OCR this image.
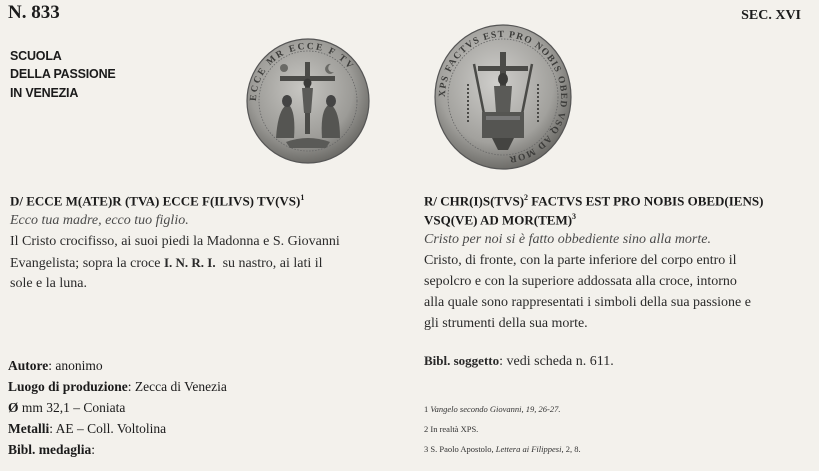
N. 833	SEC. XVI
SCUOLA
DELLA PASSIONE
IN VENEZIA	ECCE MR ECCE F TV
XPS FACTVS EST PRO NOBIS OBED VSQ AD MOR
D/ ECCE M(ATE)R (TVA) ECCE F(ILIVS) TV(VS)$^1$
Ecco tua madre, ecco tuo figlio.
Il Cristo crocifisso, ai suoi piedi la Madonna e S. Giovanni
Evangelista; sopra la croce I. N. R. I. su nastro, ai lati il
sole e la luna.
R/ CHR(I)S(TVS)$^2$ FACTVS EST PRO NOBIS OBED(IENS)
VSQ(VE) AD MOR(TEM)$^3$
Cristo per noi si è fatto obbediente sino alla morte.
Cristo, di fronte, con la parte inferiore del corpo entro il
sepolcro e con la superiore addossata alla croce, intorno
alla quale sono rappresentati i simboli della sua passione e
gli strumenti della sua morte.
Bibl. soggetto: vedi scheda n. 611.
Autore: anonimo
Luogo di produzione: Zecca di Venezia
Ø mm 32,1 – Coniata
Metalli: AE – Coll. Voltolina
Bibl. medaglia:
1 Vangelo secondo Giovanni, 19, 26-27.
2 In realtà XPS.
3 S. Paolo Apostolo, Lettera ai Filippesi, 2, 8.
